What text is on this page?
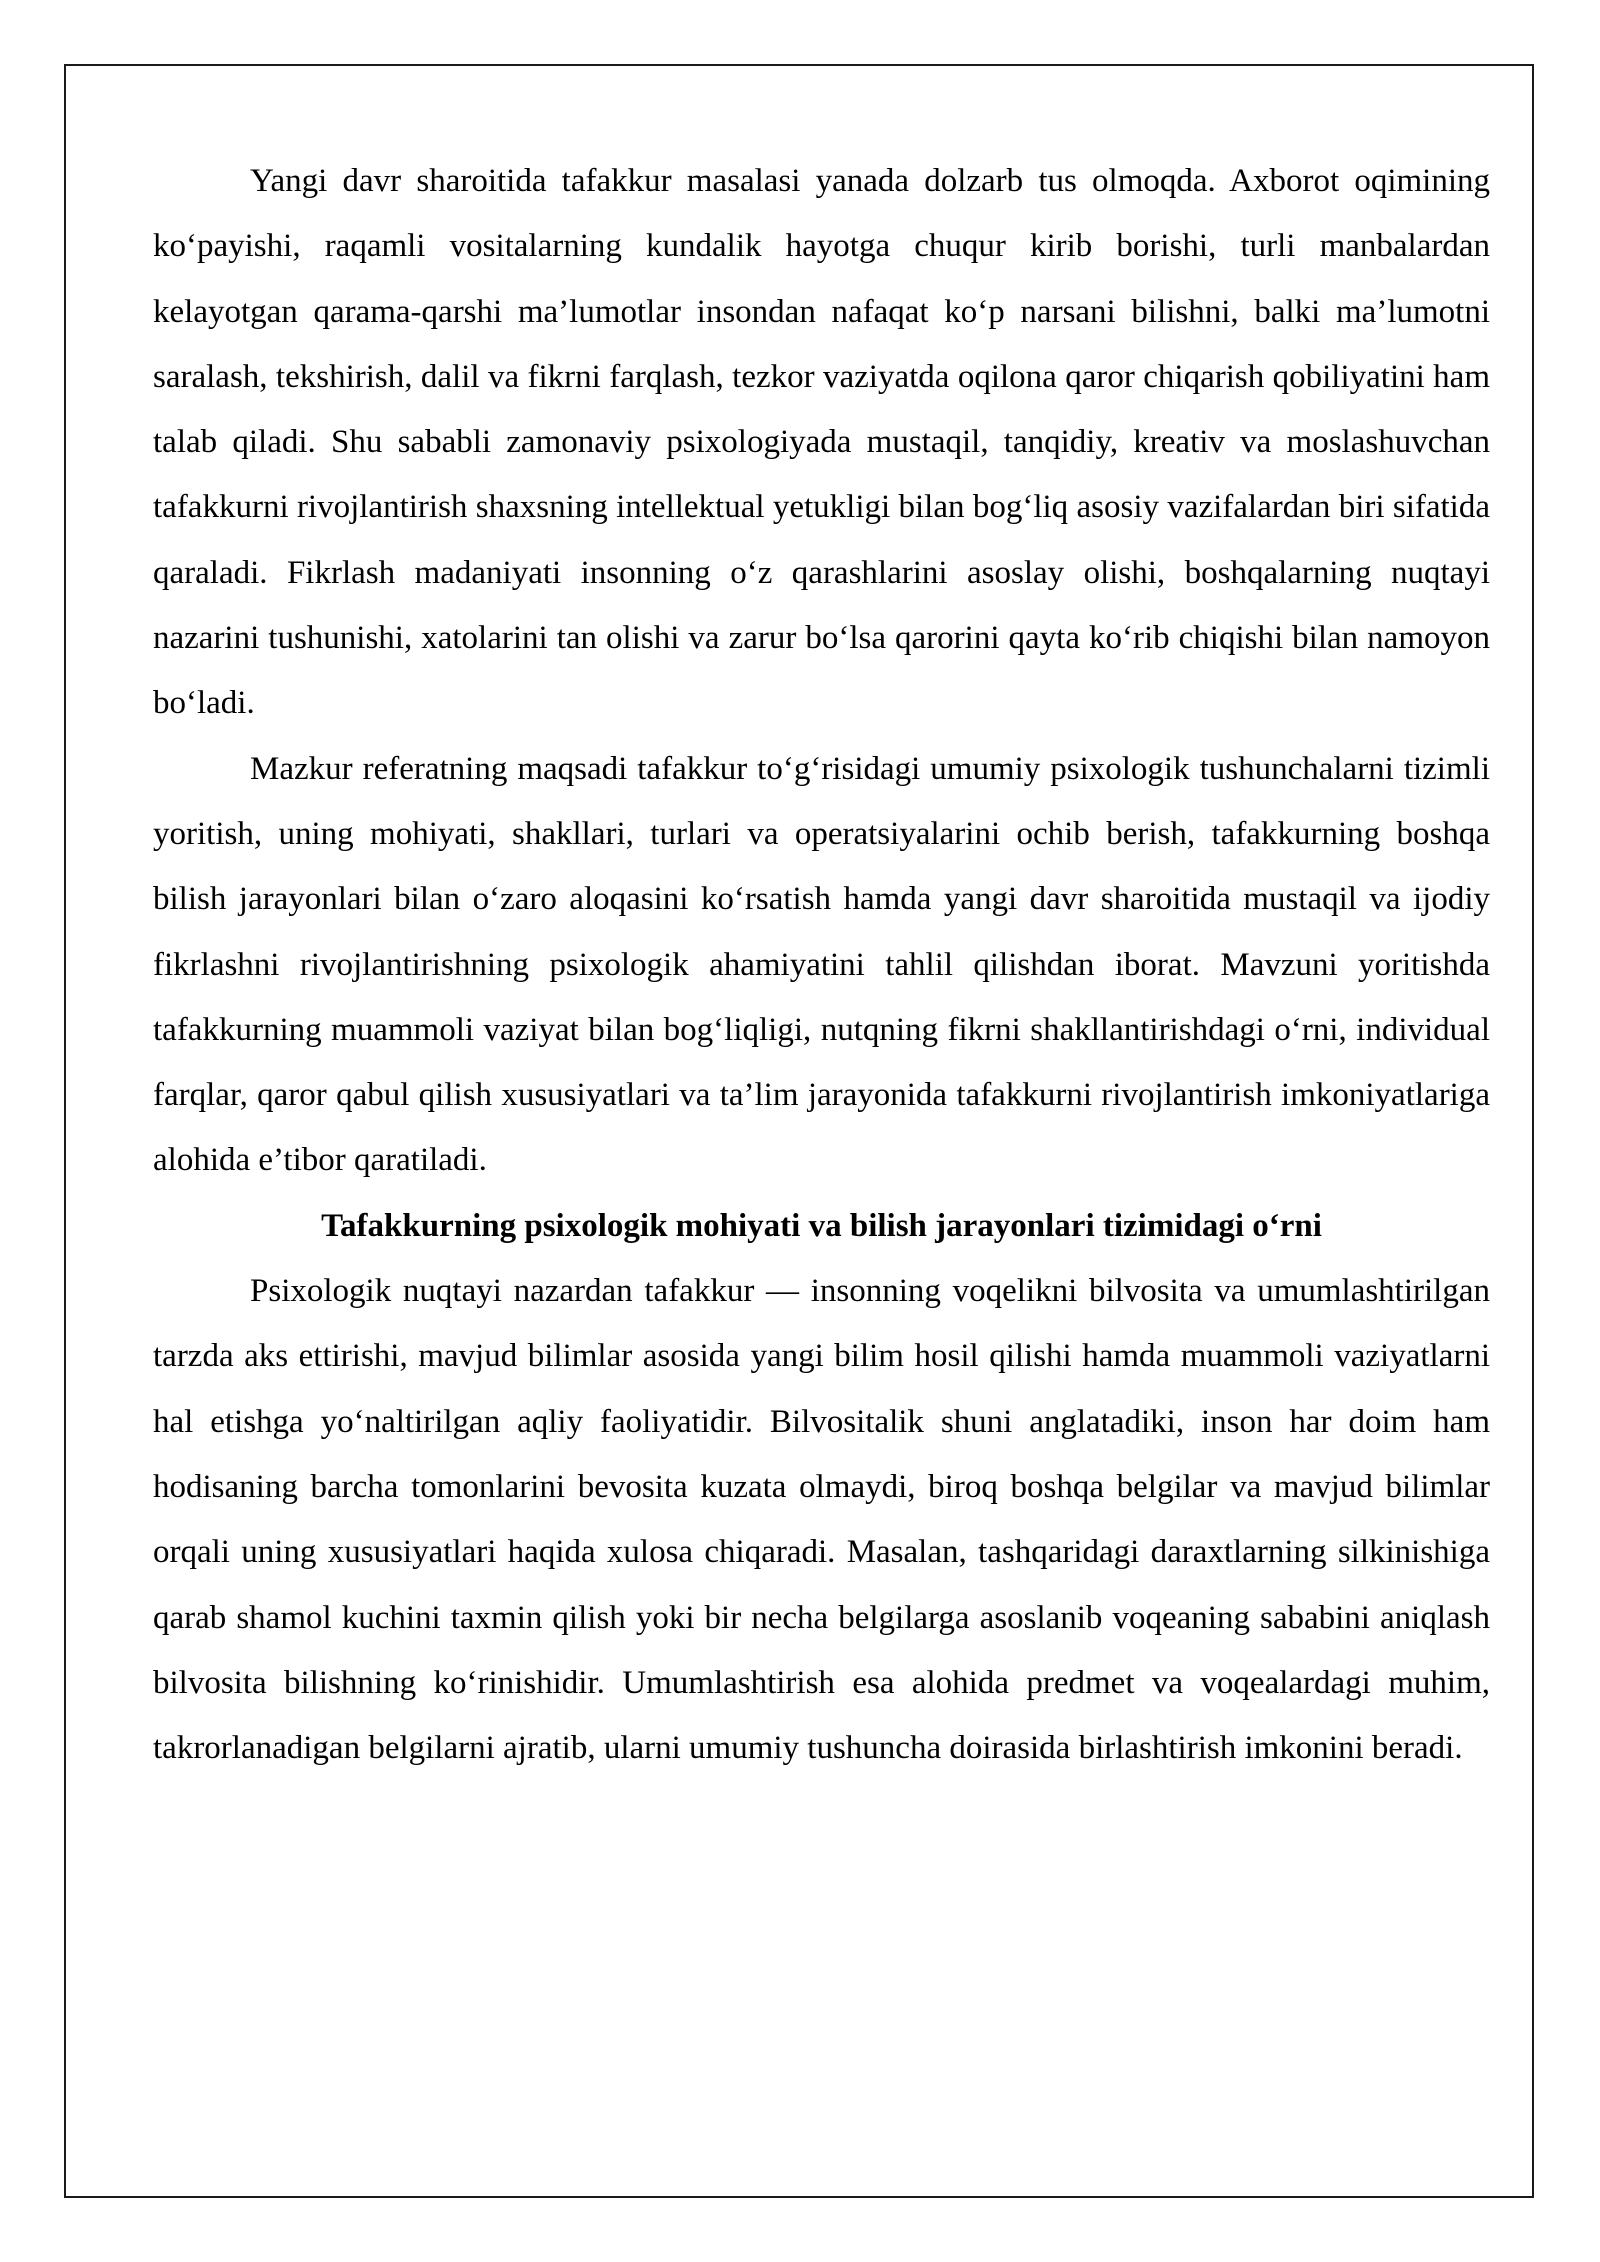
Yangi davr sharoitida tafakkur masalasi yanada dolzarb tus olmoqda. Axborot oqimining ko‘payishi, raqamli vositalarning kundalik hayotga chuqur kirib borishi, turli manbalardan kelayotgan qarama-qarshi ma’lumotlar insondan nafaqat ko‘p narsani bilishni, balki ma’lumotni saralash, tekshirish, dalil va fikrni farqlash, tezkor vaziyatda oqilona qaror chiqarish qobiliyatini ham talab qiladi. Shu sababli zamonaviy psixologiyada mustaqil, tanqidiy, kreativ va moslashuvchan tafakkurni rivojlantirish shaxsning intellektual yetukligi bilan bog‘liq asosiy vazifalardan biri sifatida qaraladi. Fikrlash madaniyati insonning o‘z qarashlarini asoslay olishi, boshqalarning nuqtayi nazarini tushunishi, xatolarini tan olishi va zarur bo‘lsa qarorini qayta ko‘rib chiqishi bilan namoyon bo‘ladi.

Mazkur referatning maqsadi tafakkur to‘g‘risidagi umumiy psixologik tushunchalarni tizimli yoritish, uning mohiyati, shakllari, turlari va operatsiyalarini ochib berish, tafakkurning boshqa bilish jarayonlari bilan o‘zaro aloqasini ko‘rsatish hamda yangi davr sharoitida mustaqil va ijodiy fikrlashni rivojlantirishning psixologik ahamiyatini tahlil qilishdan iborat. Mavzuni yoritishda tafakkurning muammoli vaziyat bilan bog‘liqligi, nutqning fikrni shakllantirishdagi o‘rni, individual farqlar, qaror qabul qilish xususiyatlari va ta’lim jarayonida tafakkurni rivojlantirish imkoniyatlariga alohida e’tibor qaratiladi.

Tafakkurning psixologik mohiyati va bilish jarayonlari tizimidagi o‘rni

Psixologik nuqtayi nazardan tafakkur — insonning voqelikni bilvosita va umumlashtirilgan tarzda aks ettirishi, mavjud bilimlar asosida yangi bilim hosil qilishi hamda muammoli vaziyatlarni hal etishga yo‘naltirilgan aqliy faoliyatidir. Bilvositalik shuni anglatadiki, inson har doim ham hodisaning barcha tomonlarini bevosita kuzata olmaydi, biroq boshqa belgilar va mavjud bilimlar orqali uning xususiyatlari haqida xulosa chiqaradi. Masalan, tashqaridagi daraxtlarning silkinishiga qarab shamol kuchini taxmin qilish yoki bir necha belgilarga asoslanib voqeaning sababini aniqlash bilvosita bilishning ko‘rinishidir. Umumlashtirish esa alohida predmet va voqealardagi muhim, takrorlanadigan belgilarni ajratib, ularni umumiy tushuncha doirasida birlashtirish imkonini beradi.
